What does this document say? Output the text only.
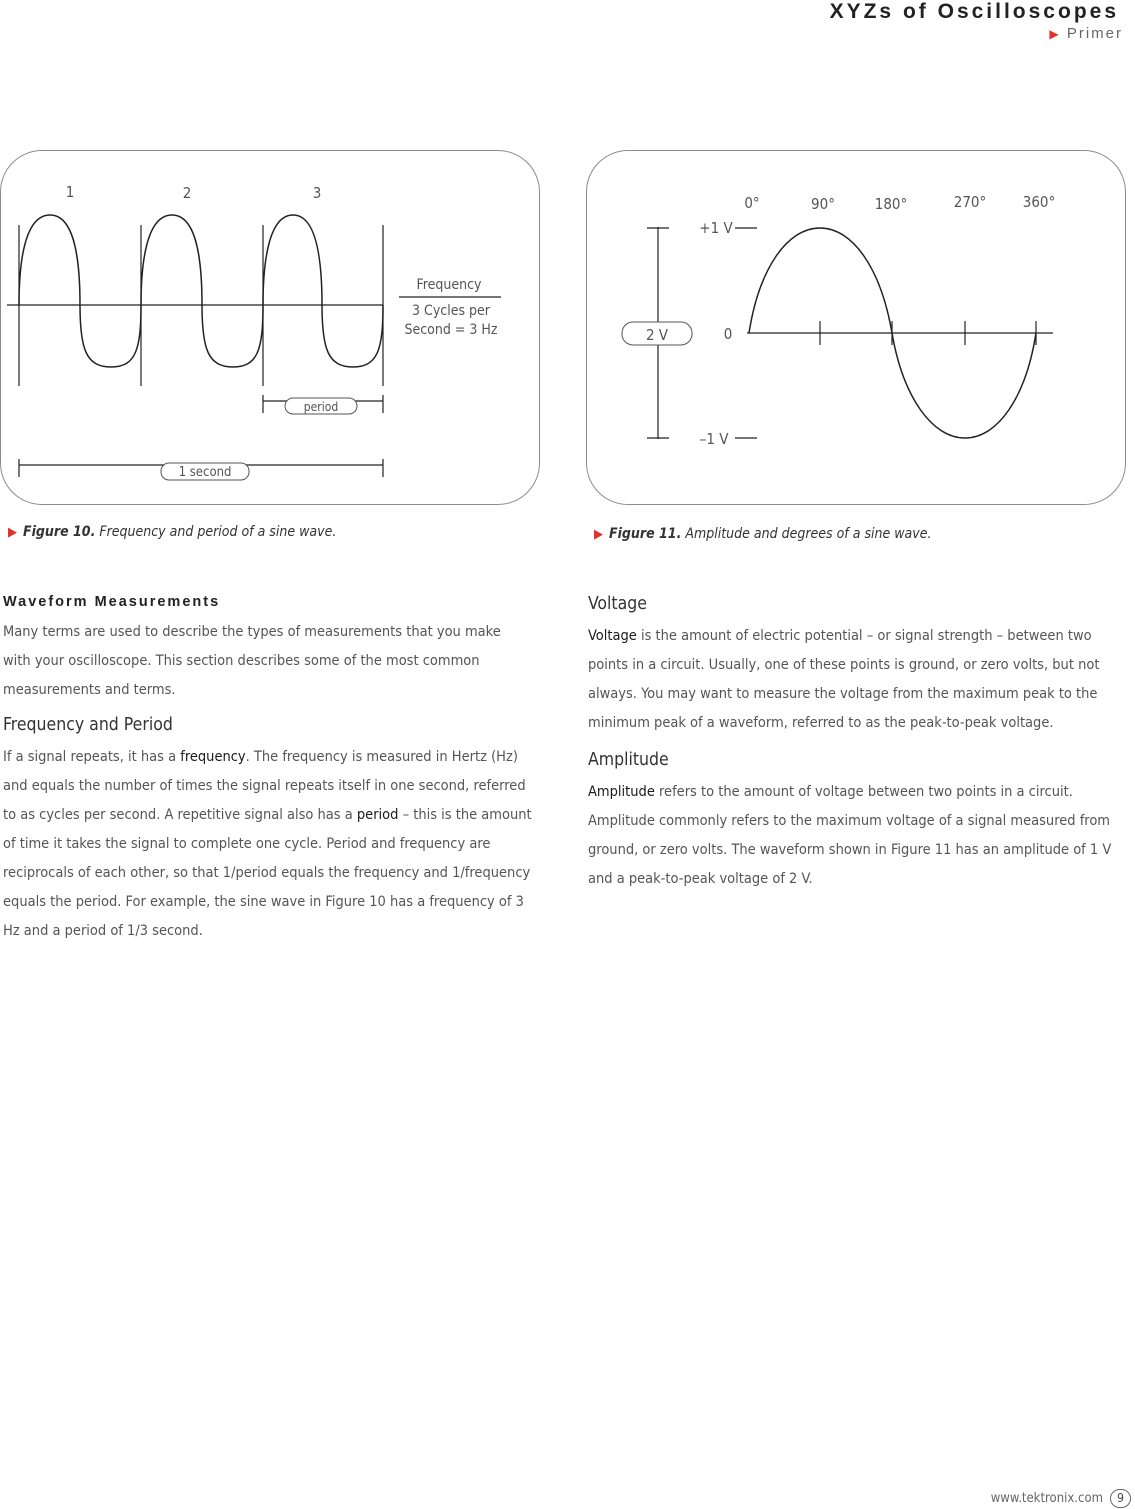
XYZs of Oscilloscopes
▶ Primer
1	2	3
Frequency
3 Cycles per
Second = 3 Hz
period
1 second
▶ Figure 10. Frequency and period of a sine wave.
2 V
+1 V
0
–1 V
0°	90°	180°	270° 360°
▶ Figure 11. Amplitude and degrees of a sine wave.
Waveform Measurements

Many terms are used to describe the types of measurements that you make with your oscilloscope. This section describes some of the most common measurements and terms.

Frequency and Period

If a signal repeats, it has a frequency. The frequency is measured in Hertz (Hz) and equals the number of times the signal repeats itself in one second, referred to as cycles per second. A repetitive signal also has a period – this is the amount of time it takes the signal to complete one cycle. Period and frequency are reciprocals of each other, so that 1/period equals the frequency and 1/frequency equals the period. For example, the sine wave in Figure 10 has a frequency of 3 Hz and a period of 1/3 second.

Voltage

Voltage is the amount of electric potential – or signal strength – between two points in a circuit. Usually, one of these points is ground, or zero volts, but not always. You may want to measure the voltage from the maximum peak to the minimum peak of a waveform, referred to as the peak-to-peak voltage.

Amplitude

Amplitude refers to the amount of voltage between two points in a circuit. Amplitude commonly refers to the maximum voltage of a signal measured from ground, or zero volts. The waveform shown in Figure 11 has an amplitude of 1 V and a peak-to-peak voltage of 2 V.

www.tektronix.com	9
